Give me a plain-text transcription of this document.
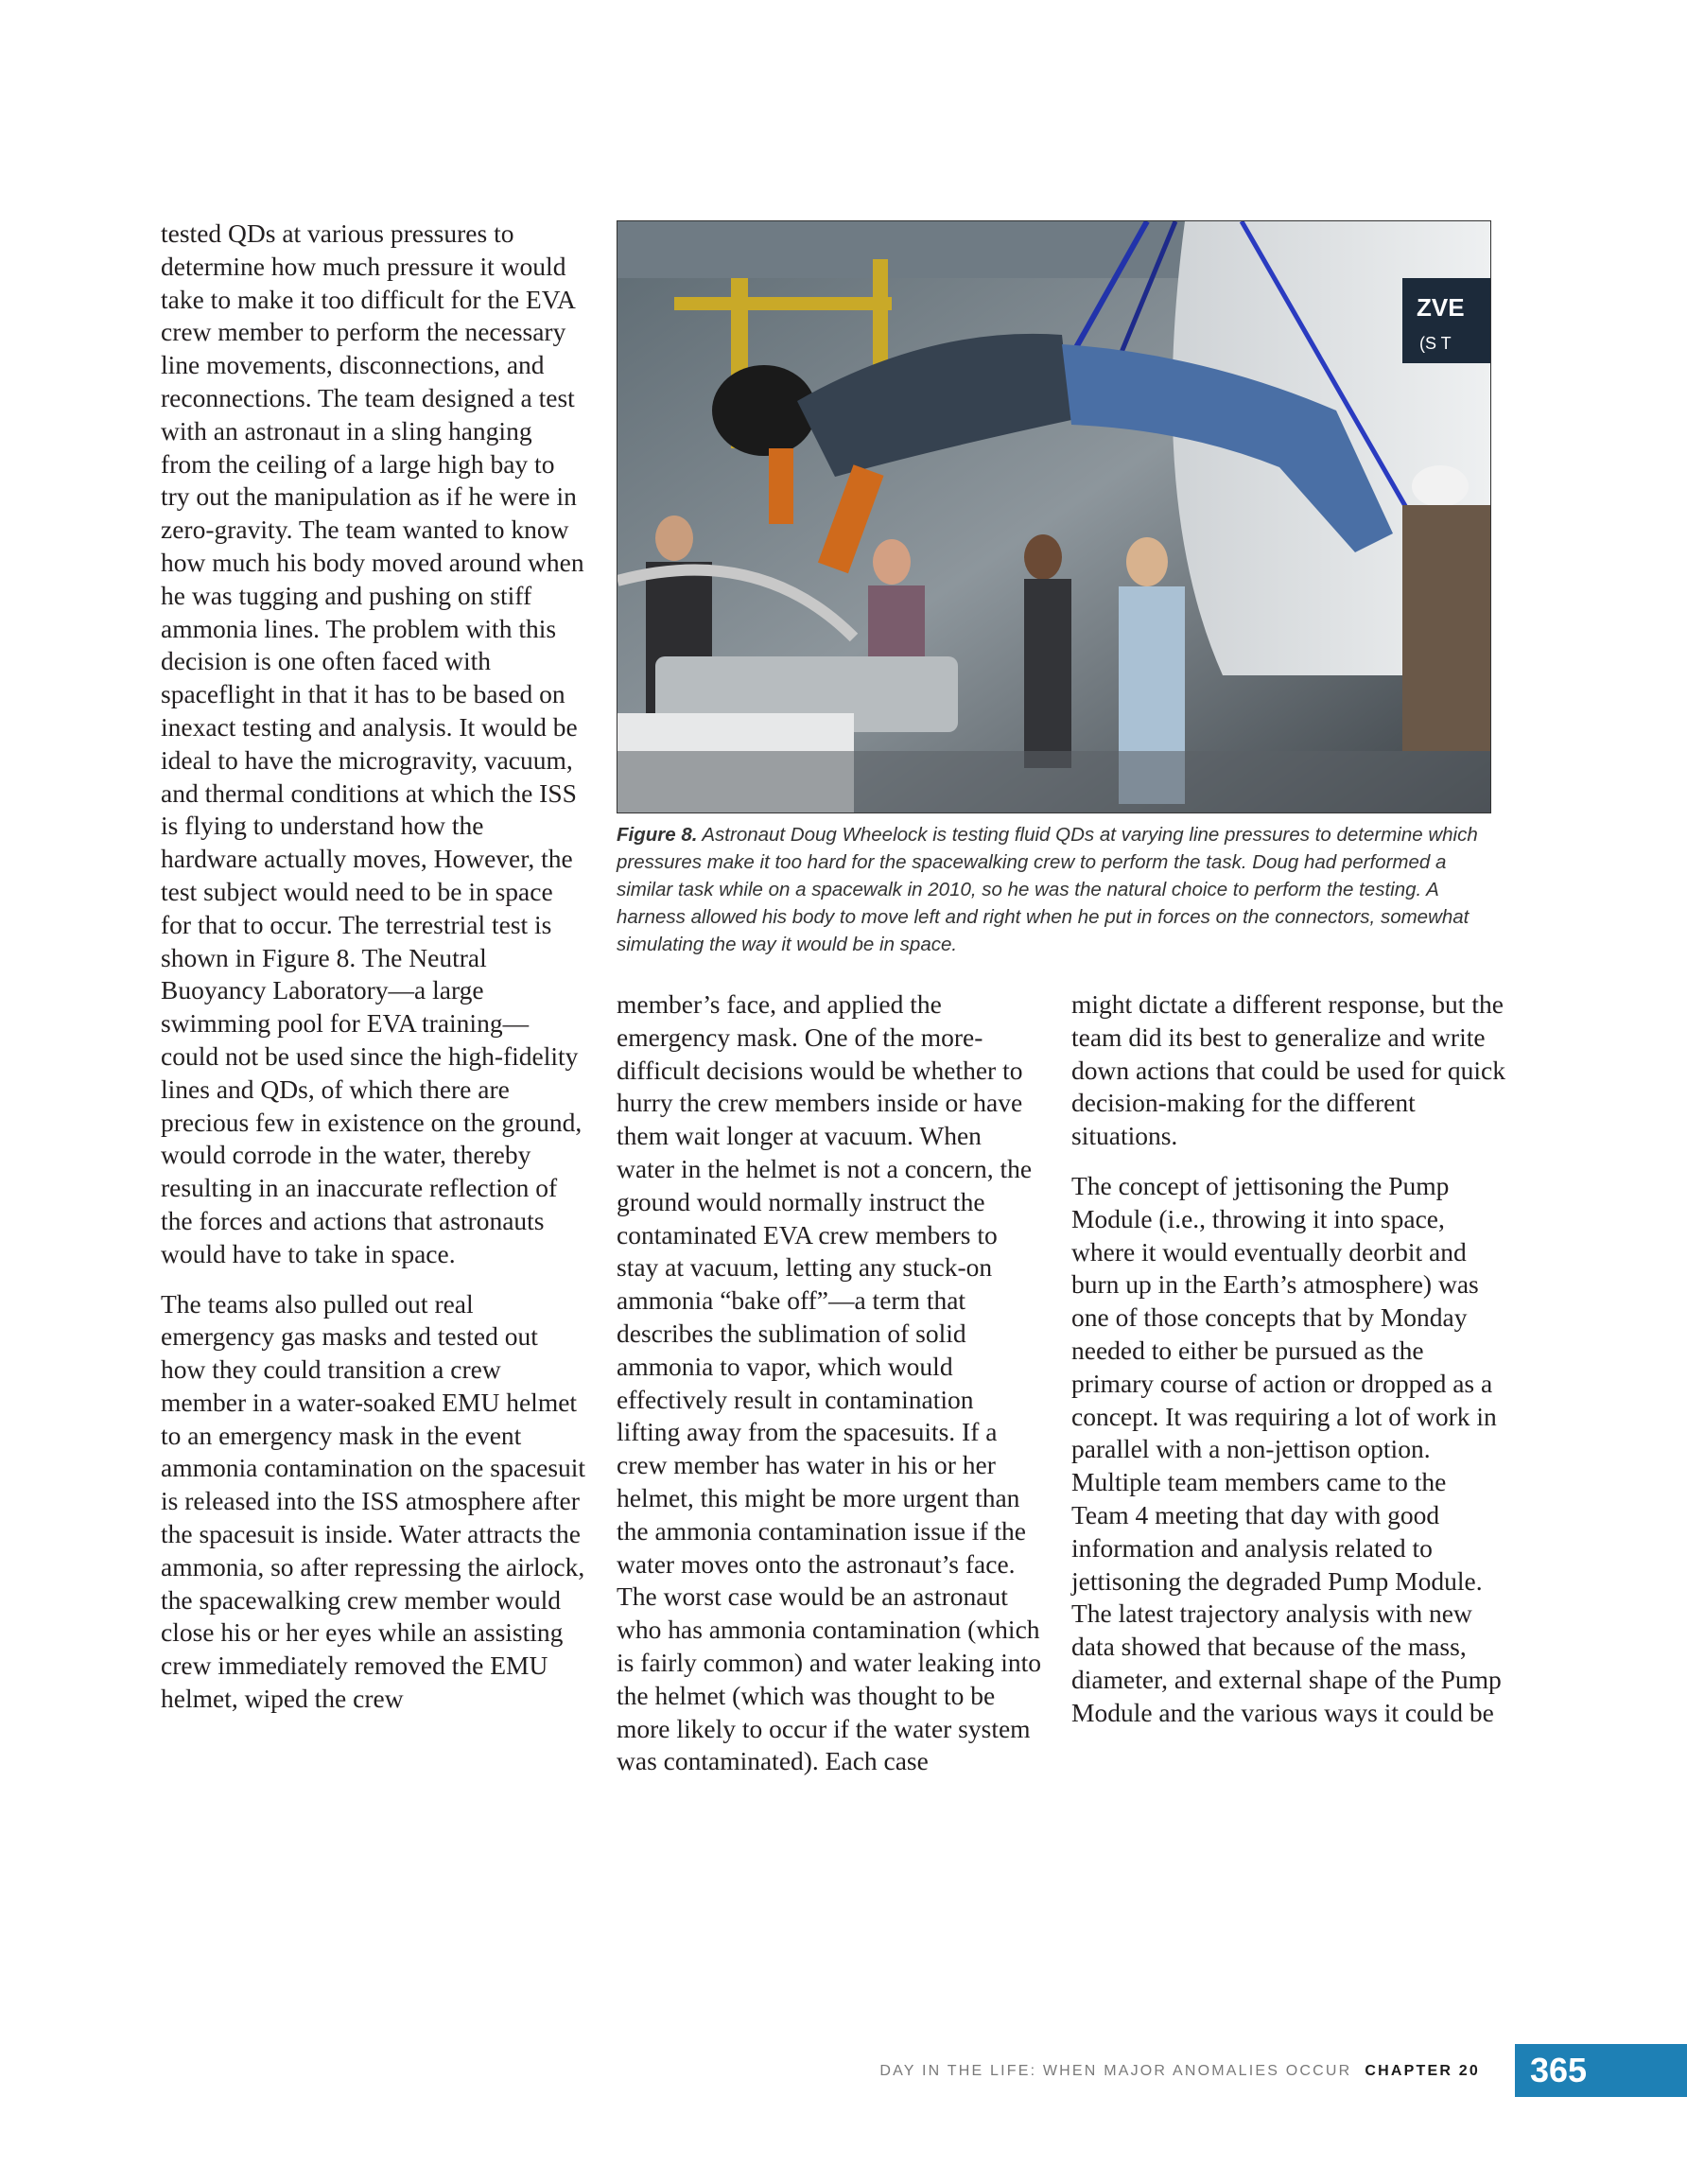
tested QDs at various pressures to determine how much pressure it would take to make it too difficult for the EVA crew member to perform the necessary line movements, disconnections, and reconnections. The team designed a test with an astronaut in a sling hanging from the ceiling of a large high bay to try out the manipulation as if he were in zero-gravity. The team wanted to know how much his body moved around when he was tugging and pushing on stiff ammonia lines. The problem with this decision is one often faced with spaceflight in that it has to be based on inexact testing and analysis. It would be ideal to have the microgravity, vacuum, and thermal conditions at which the ISS is flying to understand how the hardware actually moves, However, the test subject would need to be in space for that to occur. The terrestrial test is shown in Figure 8. The Neutral Buoyancy Laboratory—a large swimming pool for EVA training—could not be used since the high-fidelity lines and QDs, of which there are precious few in existence on the ground, would corrode in the water, thereby resulting in an inaccurate reflection of the forces and actions that astronauts would have to take in space.

The teams also pulled out real emergency gas masks and tested out how they could transition a crew member in a water-soaked EMU helmet to an emergency mask in the event ammonia contamination on the spacesuit is released into the ISS atmosphere after the spacesuit is inside. Water attracts the ammonia, so after repressing the airlock, the spacewalking crew member would close his or her eyes while an assisting crew immediately removed the EMU helmet, wiped the crew

ZVE
(S T
Figure 8. Astronaut Doug Wheelock is testing fluid QDs at varying line pressures to determine which pressures make it too hard for the spacewalking crew to perform the task. Doug had performed a similar task while on a spacewalk in 2010, so he was the natural choice to perform the testing. A harness allowed his body to move left and right when he put in forces on the connectors, somewhat simulating the way it would be in space.

member’s face, and applied the emergency mask. One of the more-difficult decisions would be whether to hurry the crew members inside or have them wait longer at vacuum. When water in the helmet is not a concern, the ground would normally instruct the contaminated EVA crew members to stay at vacuum, letting any stuck-on ammonia “bake off”—a term that describes the sublimation of solid ammonia to vapor, which would effectively result in contamination lifting away from the spacesuits. If a crew member has water in his or her helmet, this might be more urgent than the ammonia contamination issue if the water moves onto the astronaut’s face. The worst case would be an astronaut who has ammonia contamination (which is fairly common) and water leaking into the helmet (which was thought to be more likely to occur if the water system was contaminated). Each case

might dictate a different response, but the team did its best to generalize and write down actions that could be used for quick decision-making for the different situations.

The concept of jettisoning the Pump Module (i.e., throwing it into space, where it would eventually deorbit and burn up in the Earth’s atmosphere) was one of those concepts that by Monday needed to either be pursued as the primary course of action or dropped as a concept. It was requiring a lot of work in parallel with a non-jettison option. Multiple team members came to the Team 4 meeting that day with good information and analysis related to jettisoning the degraded Pump Module. The latest trajectory analysis with new data showed that because of the mass, diameter, and external shape of the Pump Module and the various ways it could be

DAY IN THE LIFE: WHEN MAJOR ANOMALIES OCCUR CHAPTER 20 365
